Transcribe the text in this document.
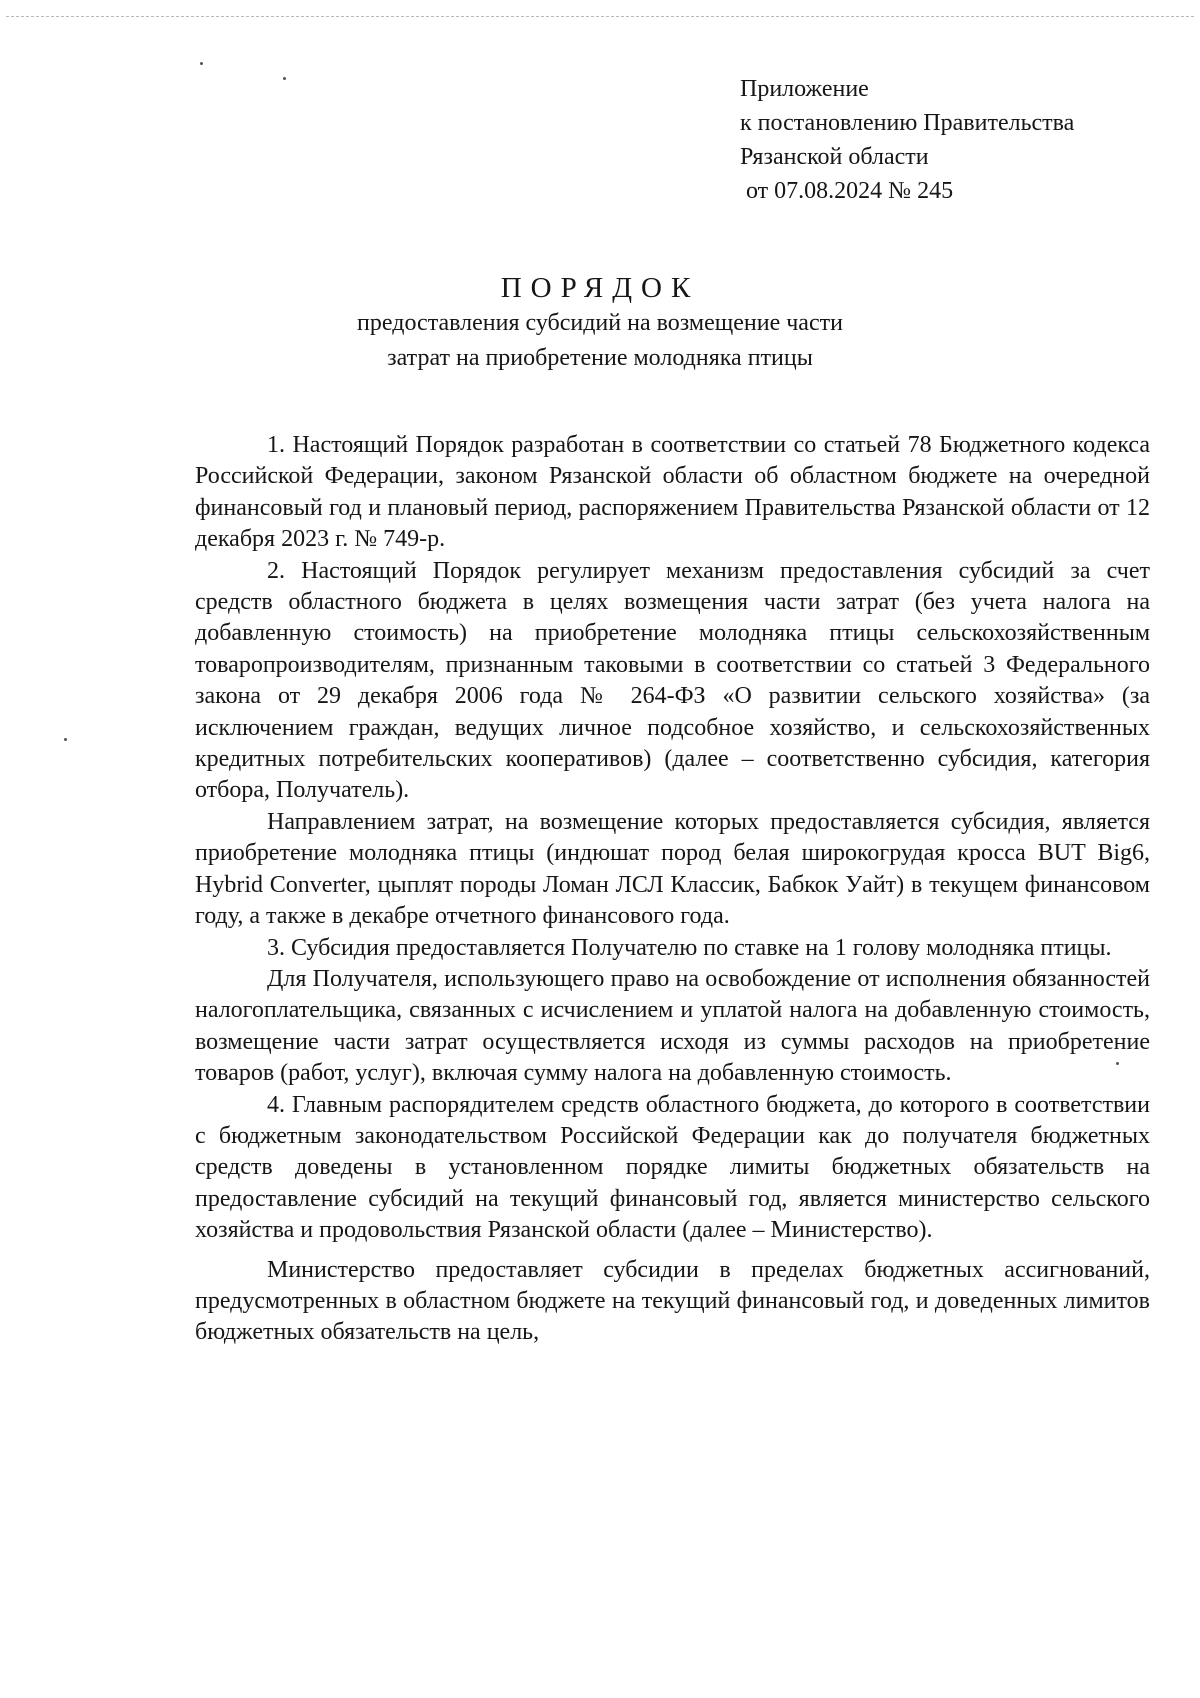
Приложение
к постановлению Правительства
Рязанской области
от 07.08.2024 № 245
ПОРЯДОК
предоставления субсидий на возмещение части
затрат на приобретение молодняка птицы

1. Настоящий Порядок разработан в соответствии со статьей 78 Бюджетного кодекса Российской Федерации, законом Рязанской области об областном бюджете на очередной финансовый год и плановый период, распоряжением Правительства Рязанской области от 12 декабря 2023 г. № 749-р.

2. Настоящий Порядок регулирует механизм предоставления субсидий за счет средств областного бюджета в целях возмещения части затрат (без учета налога на добавленную стоимость) на приобретение молодняка птицы сельскохозяйственным товаропроизводителям, признанным таковыми в соответствии со статьей 3 Федерального закона от 29 декабря 2006 года № 264-ФЗ «О развитии сельского хозяйства» (за исключением граждан, ведущих личное подсобное хозяйство, и сельскохозяйственных кредитных потребительских кооперативов) (далее – соответственно субсидия, категория отбора, Получатель).

Направлением затрат, на возмещение которых предоставляется субсидия, является приобретение молодняка птицы (индюшат пород белая широкогрудая кросса BUT Big6, Hybrid Converter, цыплят породы Ломан ЛСЛ Классик, Бабкок Уайт) в текущем финансовом году, а также в декабре отчетного финансового года.

3. Субсидия предоставляется Получателю по ставке на 1 голову молодняка птицы.

Для Получателя, использующего право на освобождение от исполнения обязанностей налогоплательщика, связанных с исчислением и уплатой налога на добавленную стоимость, возмещение части затрат осуществляется исходя из суммы расходов на приобретение товаров (работ, услуг), включая сумму налога на добавленную стоимость.

4. Главным распорядителем средств областного бюджета, до которого в соответствии с бюджетным законодательством Российской Федерации как до получателя бюджетных средств доведены в установленном порядке лимиты бюджетных обязательств на предоставление субсидий на текущий финансовый год, является министерство сельского хозяйства и продовольствия Рязанской области (далее – Министерство).

Министерство предоставляет субсидии в пределах бюджетных ассигнований, предусмотренных в областном бюджете на текущий финансовый год, и доведенных лимитов бюджетных обязательств на цель,
